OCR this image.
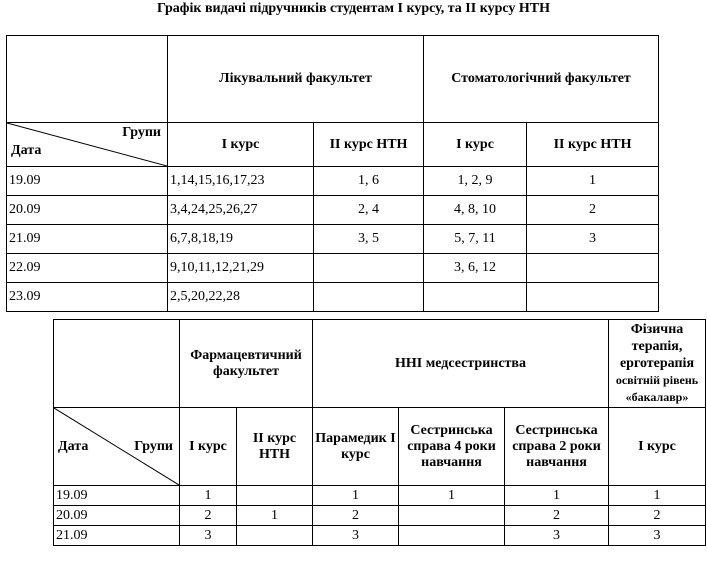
Графік видачі підручників студентам І курсу, та ІІ курсу НТН
	Лікувальний факультет		Стоматологічний факультет	

Дата
Групи	І курс	ІІ курс НТН	І курс	ІІ курс НТН
19.09	1,14,15,16,17,23	1, 6	1, 2, 9	1
20.09	3,4,24,25,26,27	2, 4	4, 8, 10	2
21.09	6,7,8,18,19	3, 5	5, 7, 11	3
22.09	9,10,11,12,21,29		3, 6, 12	
23.09	2,5,20,22,28			
	Фармацевтичний факультет		ННІ медсестринства			Фізична терапія, ерготерапія
освітній рівень «бакалавр»

Дата Групи	І курс	ІІ курс НТН	Парамедик І курс	Сестринська справа 4 роки навчання	Сестринська справа 2 роки навчання	І курс
19.09	1		1	1	1	1
20.09	2	1	2		2	2
21.09	3		3		3	3
